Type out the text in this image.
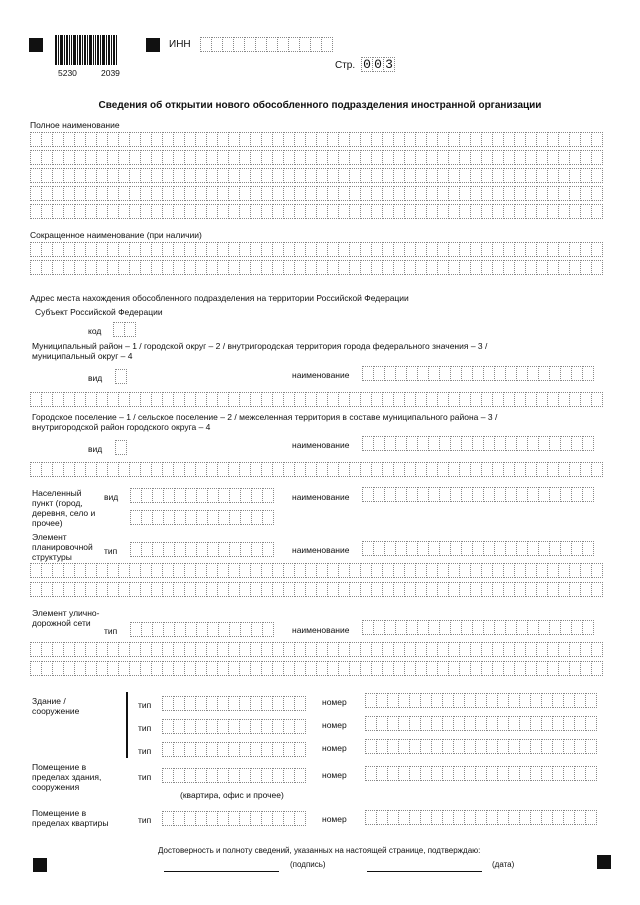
5230	2039
ИНН
Стр. 0 0 3
Сведения об открытии нового обособленного подразделения иностранной организации
Полное наименование
Сокращенное наименование (при наличии)
Адрес места нахождения обособленного подразделения на территории Российской Федерации
Субъект Российской Федерации
код
Муниципальный район – 1 / городской округ – 2 / внутригородская территория города федерального значения – 3 / муниципальный округ – 4
вид	наименование
Городское поселение – 1 / сельское поселение – 2 / межселенная территория в составе муниципального района – 3 / внутригородской район городского округа – 4
вид	наименование
Населенный пункт (город, деревня, село и прочее)
вид	наименование
Элемент планировочной структуры
тип	наименование
Элемент улично-дорожной сети
тип	наименование
Здание / сооружение
тип	номер
тип	номер
тип	номер
Помещение в пределах здания, сооружения
тип	номер
(квартира, офис и прочее)
Помещение в пределах квартиры	тип	номер
Достоверность и полноту сведений, указанных на настоящей странице, подтверждаю:
(подпись)	(дата)
